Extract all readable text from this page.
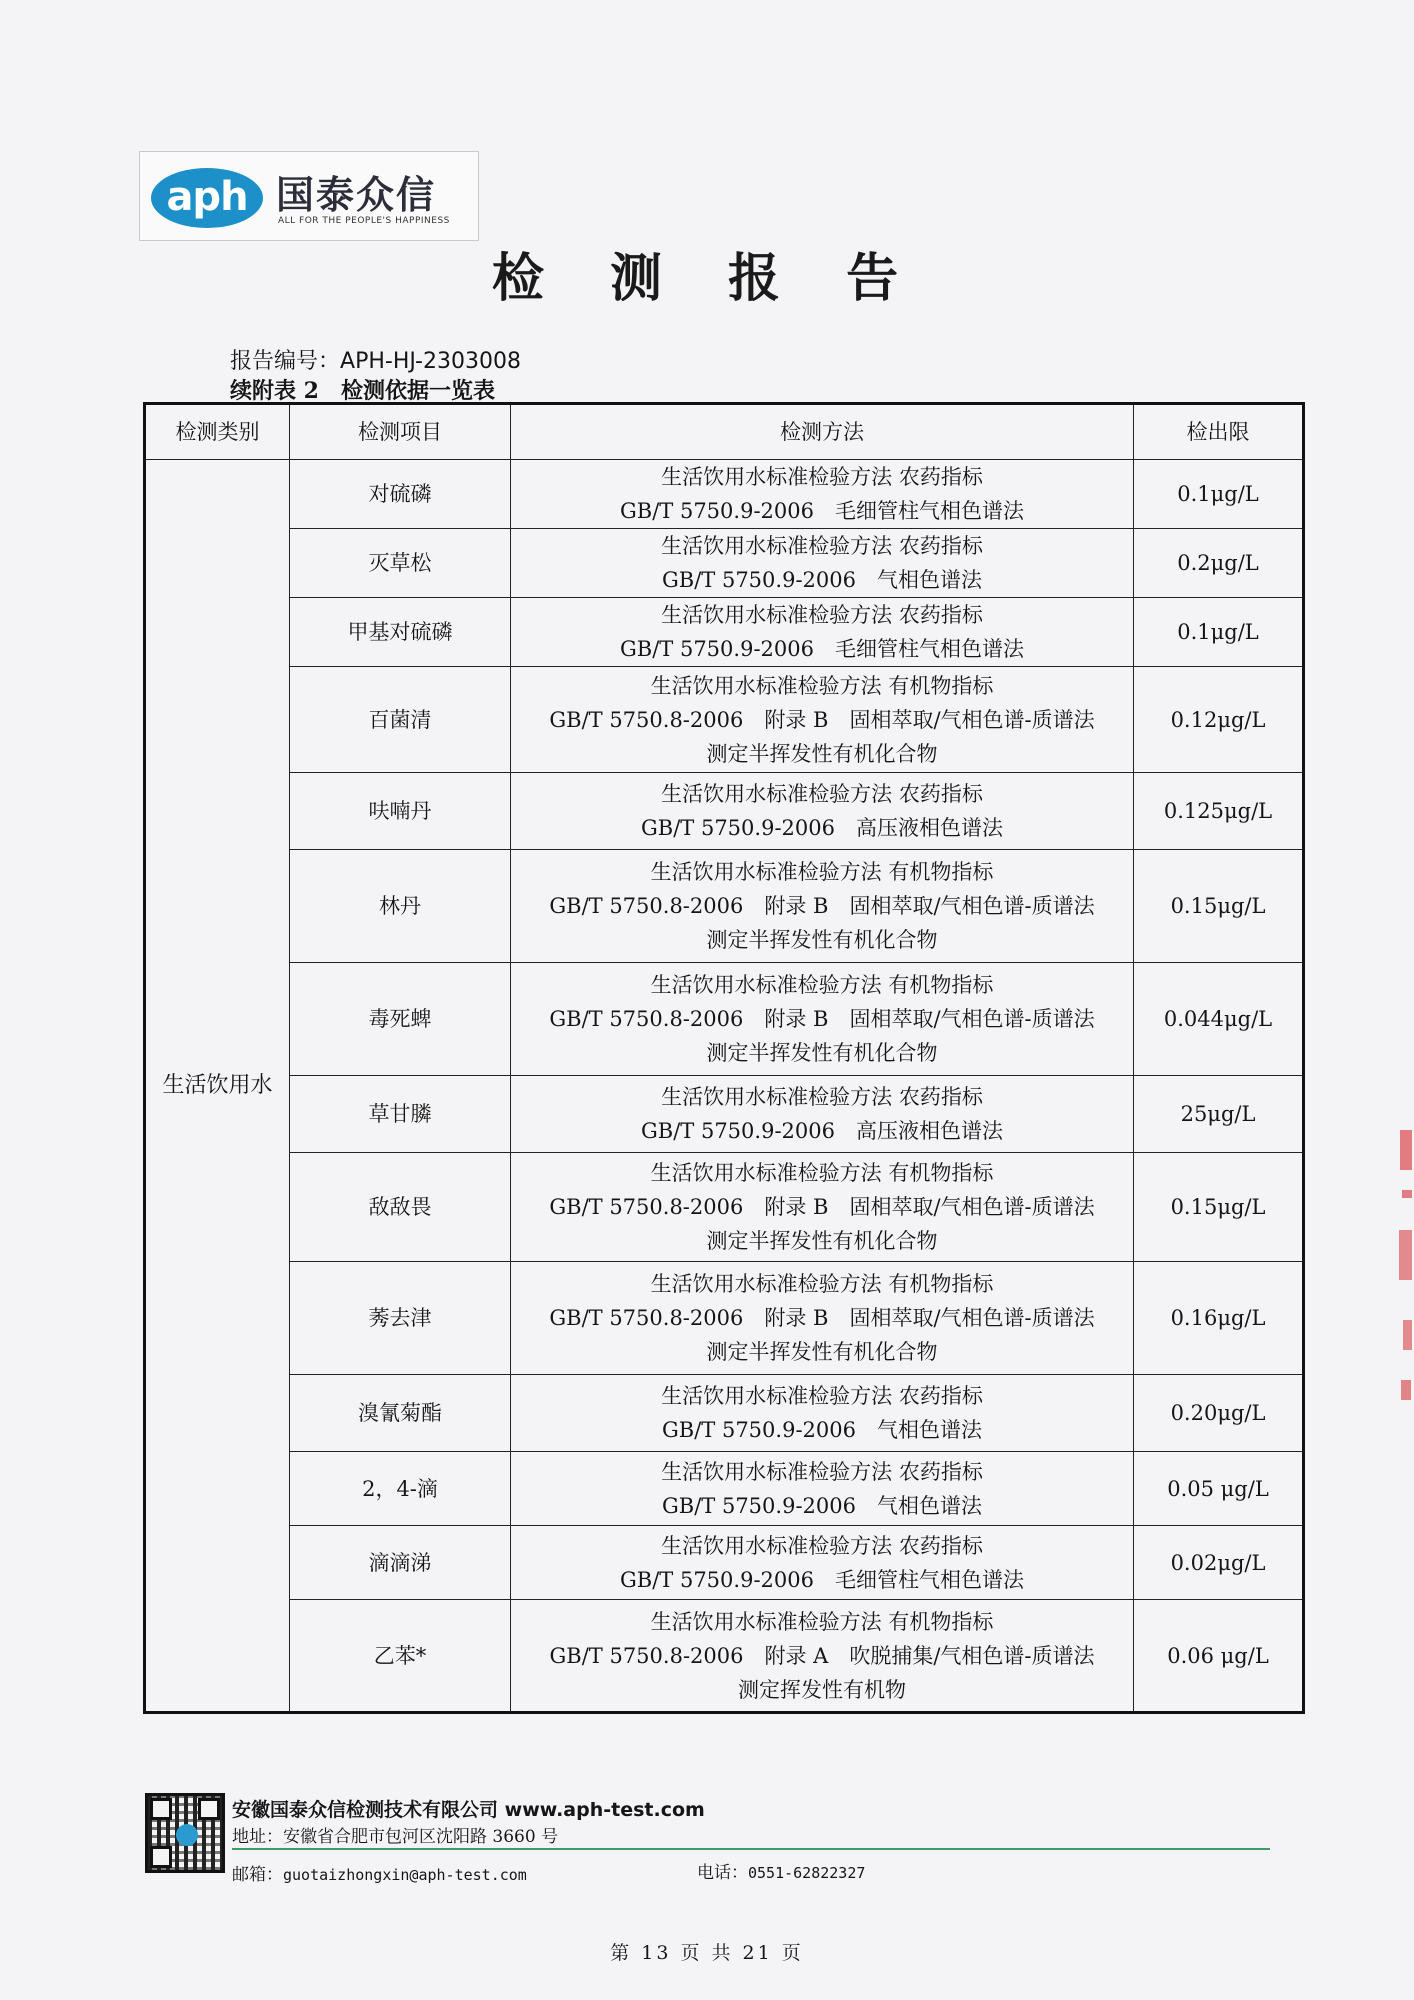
aph 国泰众信
ALL FOR THE PEOPLE'S HAPPINESS
检 测 报 告
报告编号：APH-HJ-2303008
续附表 2　检测依据一览表
检测类别	检测项目	检测方法	检出限
生活饮用水	对硫磷	生活饮用水标准检验方法 农药指标
GB/T 5750.9-2006　毛细管柱气相色谱法	0.1μg/L
	灭草松	生活饮用水标准检验方法 农药指标
GB/T 5750.9-2006　气相色谱法	0.2μg/L
	甲基对硫磷	生活饮用水标准检验方法 农药指标
GB/T 5750.9-2006　毛细管柱气相色谱法	0.1μg/L
	百菌清	生活饮用水标准检验方法 有机物指标
GB/T 5750.8-2006　附录 B　固相萃取/气相色谱-质谱法
测定半挥发性有机化合物	0.12μg/L
	呋喃丹	生活饮用水标准检验方法 农药指标
GB/T 5750.9-2006　高压液相色谱法	0.125μg/L
	林丹	生活饮用水标准检验方法 有机物指标
GB/T 5750.8-2006　附录 B　固相萃取/气相色谱-质谱法
测定半挥发性有机化合物	0.15μg/L
	毒死蜱	生活饮用水标准检验方法 有机物指标
GB/T 5750.8-2006　附录 B　固相萃取/气相色谱-质谱法
测定半挥发性有机化合物	0.044μg/L
	草甘膦	生活饮用水标准检验方法 农药指标
GB/T 5750.9-2006　高压液相色谱法	25μg/L
	敌敌畏	生活饮用水标准检验方法 有机物指标
GB/T 5750.8-2006　附录 B　固相萃取/气相色谱-质谱法
测定半挥发性有机化合物	0.15μg/L
	莠去津	生活饮用水标准检验方法 有机物指标
GB/T 5750.8-2006　附录 B　固相萃取/气相色谱-质谱法
测定半挥发性有机化合物	0.16μg/L
	溴氰菊酯	生活饮用水标准检验方法 农药指标
GB/T 5750.9-2006　气相色谱法	0.20μg/L
	2，4-滴	生活饮用水标准检验方法 农药指标
GB/T 5750.9-2006　气相色谱法	0.05 μg/L
	滴滴涕	生活饮用水标准检验方法 农药指标
GB/T 5750.9-2006　毛细管柱气相色谱法	0.02μg/L
	乙苯*	生活饮用水标准检验方法 有机物指标
GB/T 5750.8-2006　附录 A　吹脱捕集/气相色谱-质谱法
测定挥发性有机物	0.06 μg/L
安徽国泰众信检测技术有限公司 www.aph-test.com
地址：安徽省合肥市包河区沈阳路 3660 号
邮箱：guotaizhongxin@aph-test.com	电话：0551-62822327
第 13 页 共 21 页
